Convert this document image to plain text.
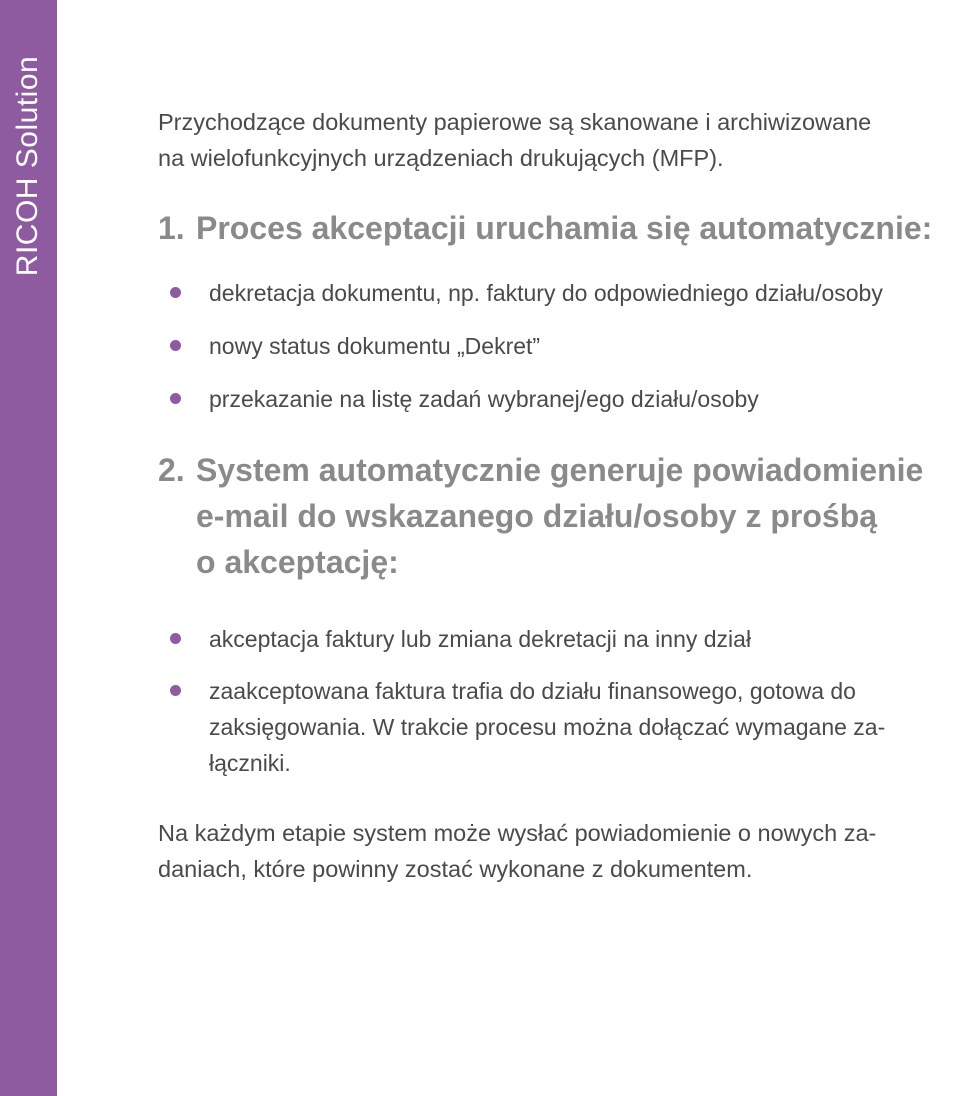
RICOH Solution	Przychodzące dokumenty papierowe są skanowane i archiwizowane
na wielofunkcyjnych urządzeniach drukujących (MFP).

1. Proces akceptacji uruchamia się automatycznie:
dekretacja dokumentu, np. faktury do odpowiedniego działu/osoby
nowy status dokumentu „Dekret”
przekazanie na listę zadań wybranej/ego działu/osoby
2. System automatycznie generuje powiadomienie
e-mail do wskazanego działu/osoby z prośbą
o akceptację:
akceptacja faktury lub zmiana dekretacji na inny dział
zaakceptowana faktura trafia do działu finansowego, gotowa do
zaksięgowania. W trakcie procesu można dołączać wymagane za-
łączniki.

Na każdym etapie system może wysłać powiadomienie o nowych za-
daniach, które powinny zostać wykonane z dokumentem.
